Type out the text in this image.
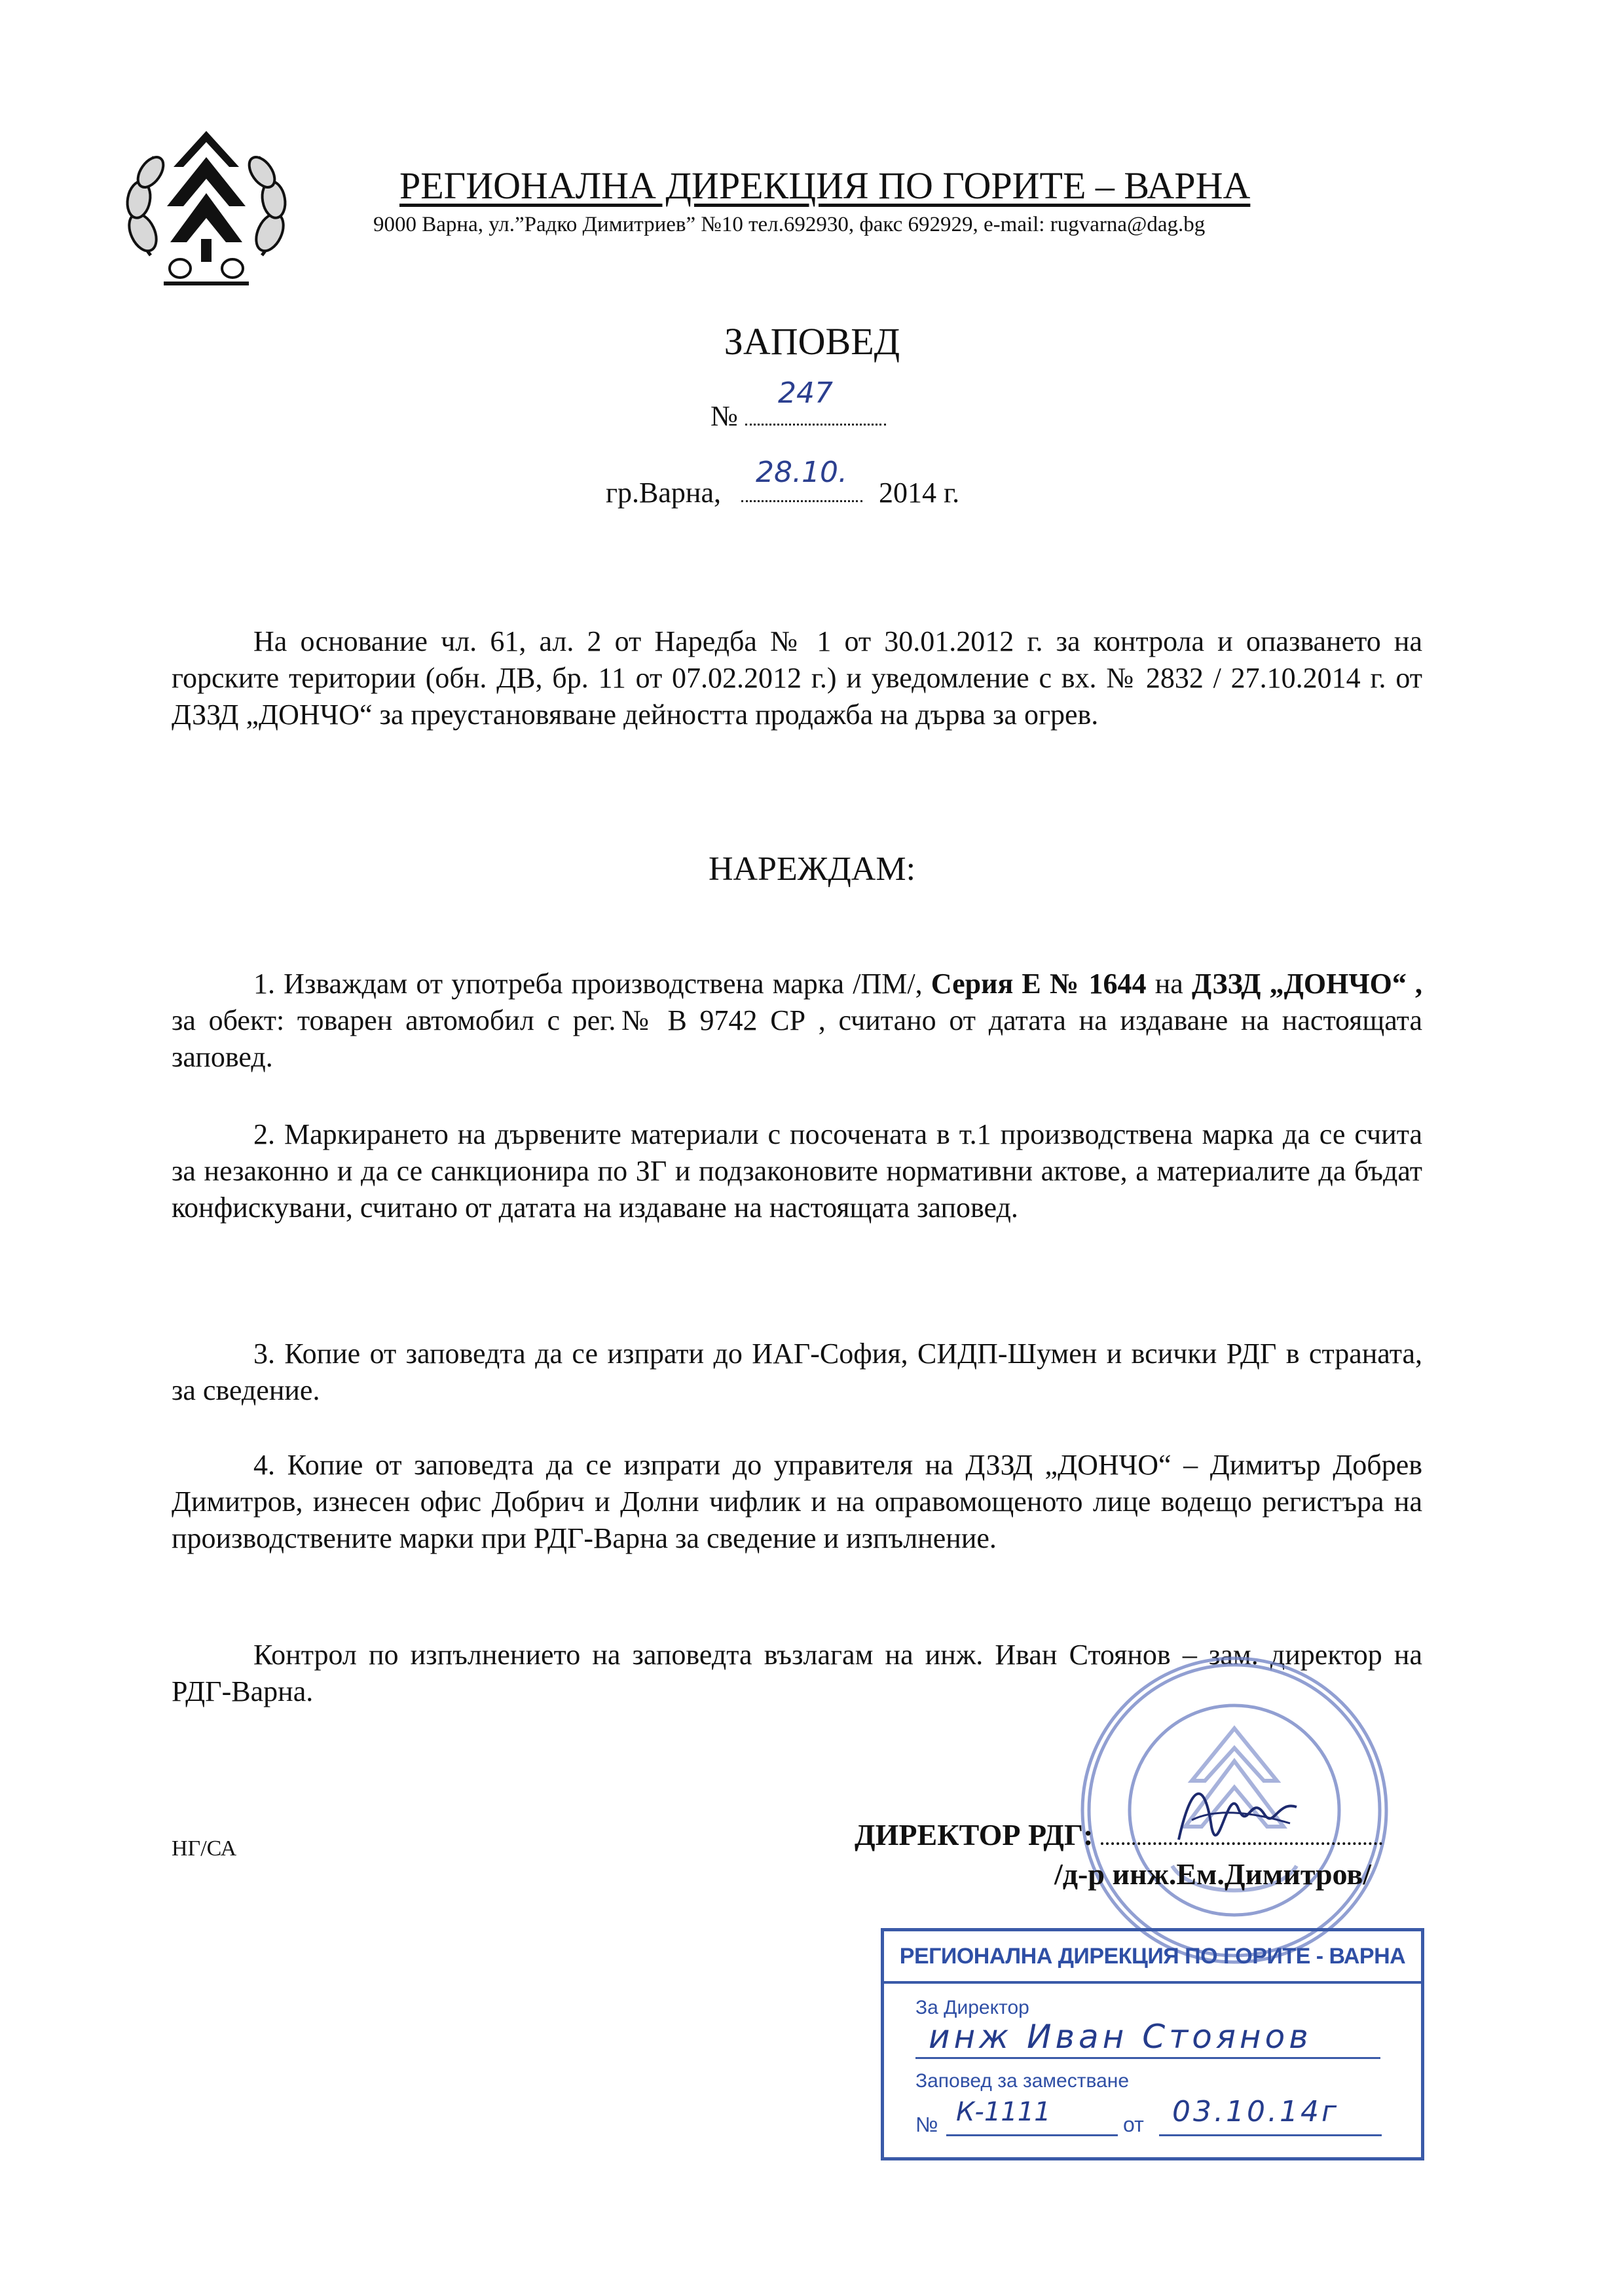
РЕГИОНАЛНА ДИРЕКЦИЯ ПО ГОРИТЕ – ВАРНА
9000 Варна, ул.”Радко Димитриев” №10 тел.692930, факс 692929, e-mail: rugvarna@dag.bg
ЗАПОВЕД
№
247
гр.Варна,
28.10.
2014 г.
На основание чл. 61, ал. 2 от Наредба № 1 от 30.01.2012 г. за контрола и опазването на горските територии (обн. ДВ, бр. 11 от 07.02.2012 г.) и уведомление с вх. № 2832 / 27.10.2014 г. от ДЗЗД „ДОНЧО“ за преустановяване дейността продажба на дърва за огрев.
НАРЕЖДАМ:
1. Изваждам от употреба производствена марка /ПМ/, Серия Е № 1644 на ДЗЗД „ДОНЧО“ , за обект: товарен автомобил с рег.№ В 9742 СР , считано от датата на издаване на настоящата заповед.
2. Маркирането на дървените материали с посочената в т.1 производствена марка да се счита за незаконно и да се санкционира по ЗГ и подзаконовите нормативни актове, а материалите да бъдат конфискувани, считано от датата на издаване на настоящата заповед.
3. Копие от заповедта да се изпрати до ИАГ-София, СИДП-Шумен и всички РДГ в страната, за сведение.
4. Копие от заповедта да се изпрати до управителя на ДЗЗД „ДОНЧО“ – Димитър Добрев Димитров, изнесен офис Добрич и Долни чифлик и на оправомощеното лице водещо регистъра на производствените марки при РДГ-Варна за сведение и изпълнение.
Контрол по изпълнението на заповедта възлагам на инж. Иван Стоянов – зам. директор на РДГ-Варна.
НГ/СА	ДИРЕКТОР РДГ:
/д-р инж.Ем.Димитров/
РЕГИОНАЛНА ДИРЕКЦИЯ ПО ГОРИТЕ - ВАРНА
За Директор
инж Иван Стоянов
Заповед за заместване
№ К-1111	от 03.10.14г
